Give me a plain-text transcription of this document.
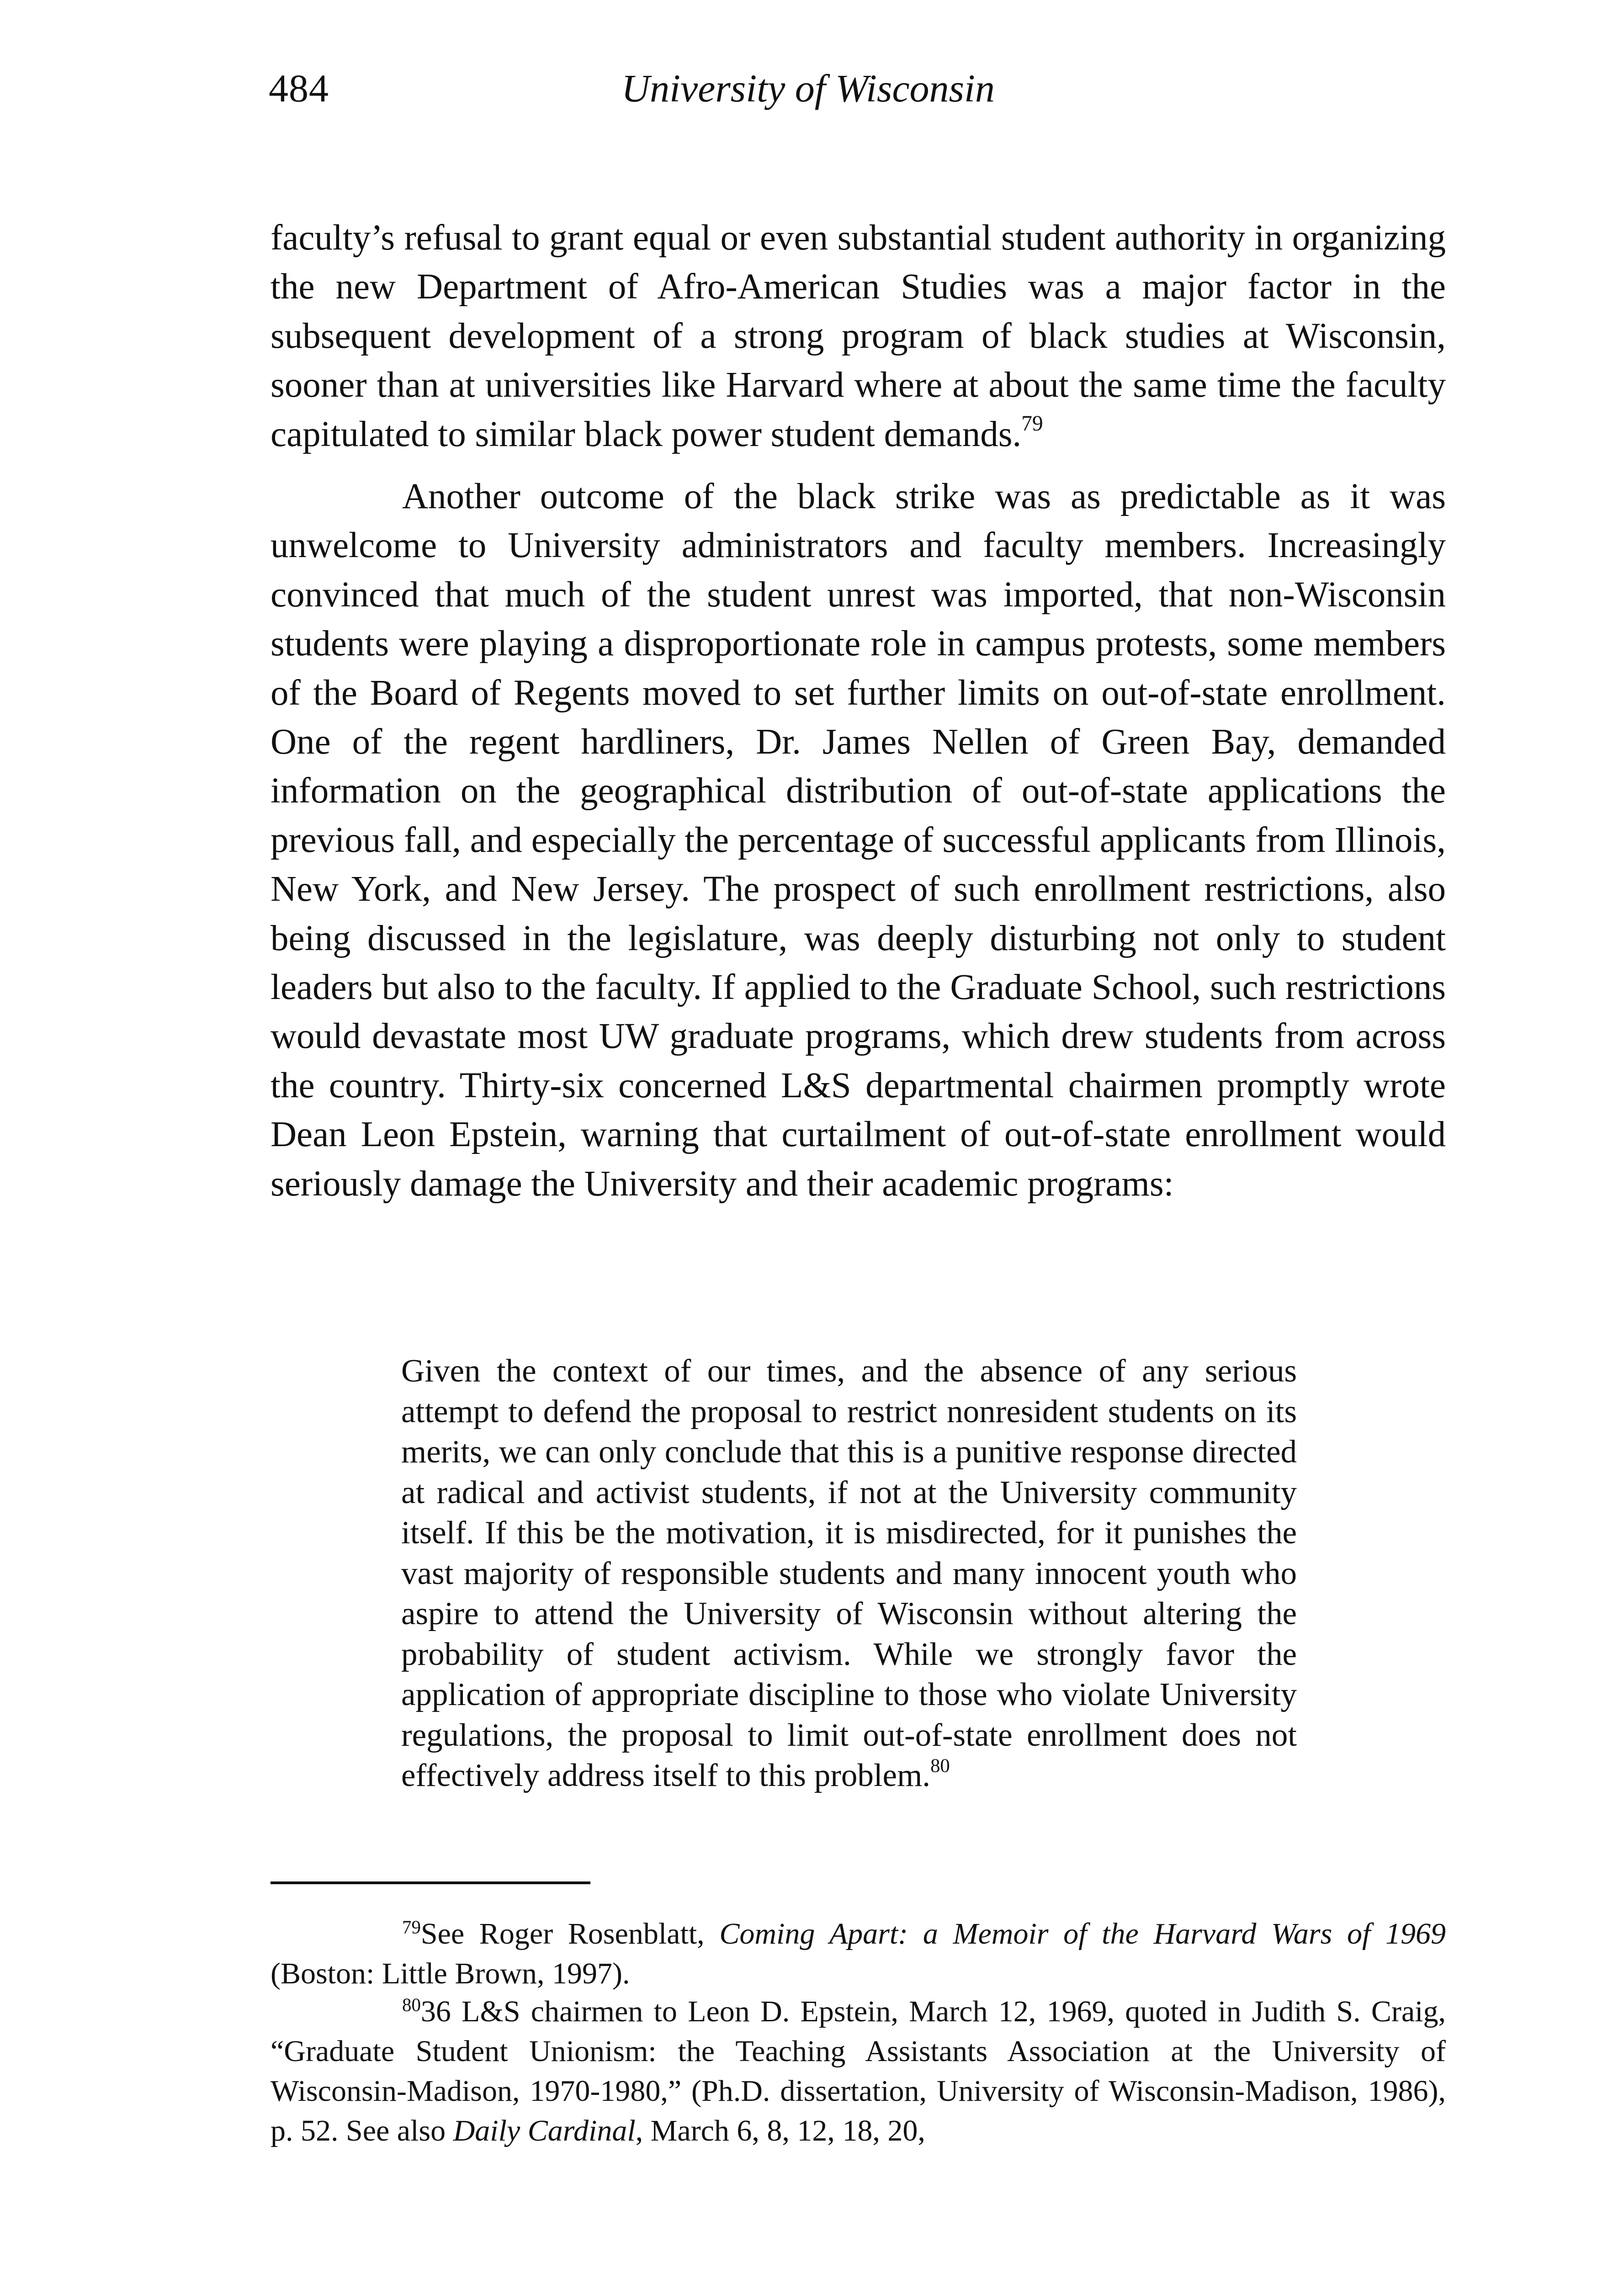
484	University of Wisconsin

faculty’s refusal to grant equal or even substantial student authority in organizing the new Department of Afro-American Studies was a major factor in the subsequent development of a strong program of black studies at Wisconsin, sooner than at universities like Harvard where at about the same time the faculty capitulated to similar black power student demands.$^{79}$

Another outcome of the black strike was as predictable as it was unwelcome to University administrators and faculty members. Increasingly convinced that much of the student unrest was imported, that non-Wisconsin students were playing a disproportionate role in campus protests, some members of the Board of Regents moved to set further limits on out-of-state enrollment. One of the regent hardliners, Dr. James Nellen of Green Bay, demanded information on the geographical distribution of out-of-state applications the previous fall, and especially the percentage of successful applicants from Illinois, New York, and New Jersey. The prospect of such enrollment restrictions, also being discussed in the legislature, was deeply disturbing not only to student leaders but also to the faculty. If applied to the Graduate School, such restrictions would devastate most UW graduate programs, which drew students from across the country. Thirty-six concerned L&S departmental chairmen promptly wrote Dean Leon Epstein, warning that curtailment of out-of-state enrollment would seriously damage the University and their academic programs:

Given the context of our times, and the absence of any serious attempt to defend the proposal to restrict nonresident students on its merits, we can only conclude that this is a punitive response directed at radical and activist students, if not at the University community itself. If this be the motivation, it is misdirected, for it punishes the vast majority of responsible students and many innocent youth who aspire to attend the University of Wisconsin without altering the probability of student activism. While we strongly favor the application of appropriate discipline to those who violate University regulations, the proposal to limit out-of-state enrollment does not effectively address itself to this problem.$^{80}$

$^{79}$See Roger Rosenblatt, Coming Apart: a Memoir of the Harvard Wars of 1969 (Boston: Little Brown, 1997).

$^{80}$36 L&S chairmen to Leon D. Epstein, March 12, 1969, quoted in Judith S. Craig, “Graduate Student Unionism: the Teaching Assistants Association at the University of Wisconsin-Madison, 1970-1980,” (Ph.D. dissertation, University of Wisconsin-Madison, 1986), p. 52. See also Daily Cardinal, March 6, 8, 12, 18, 20,
